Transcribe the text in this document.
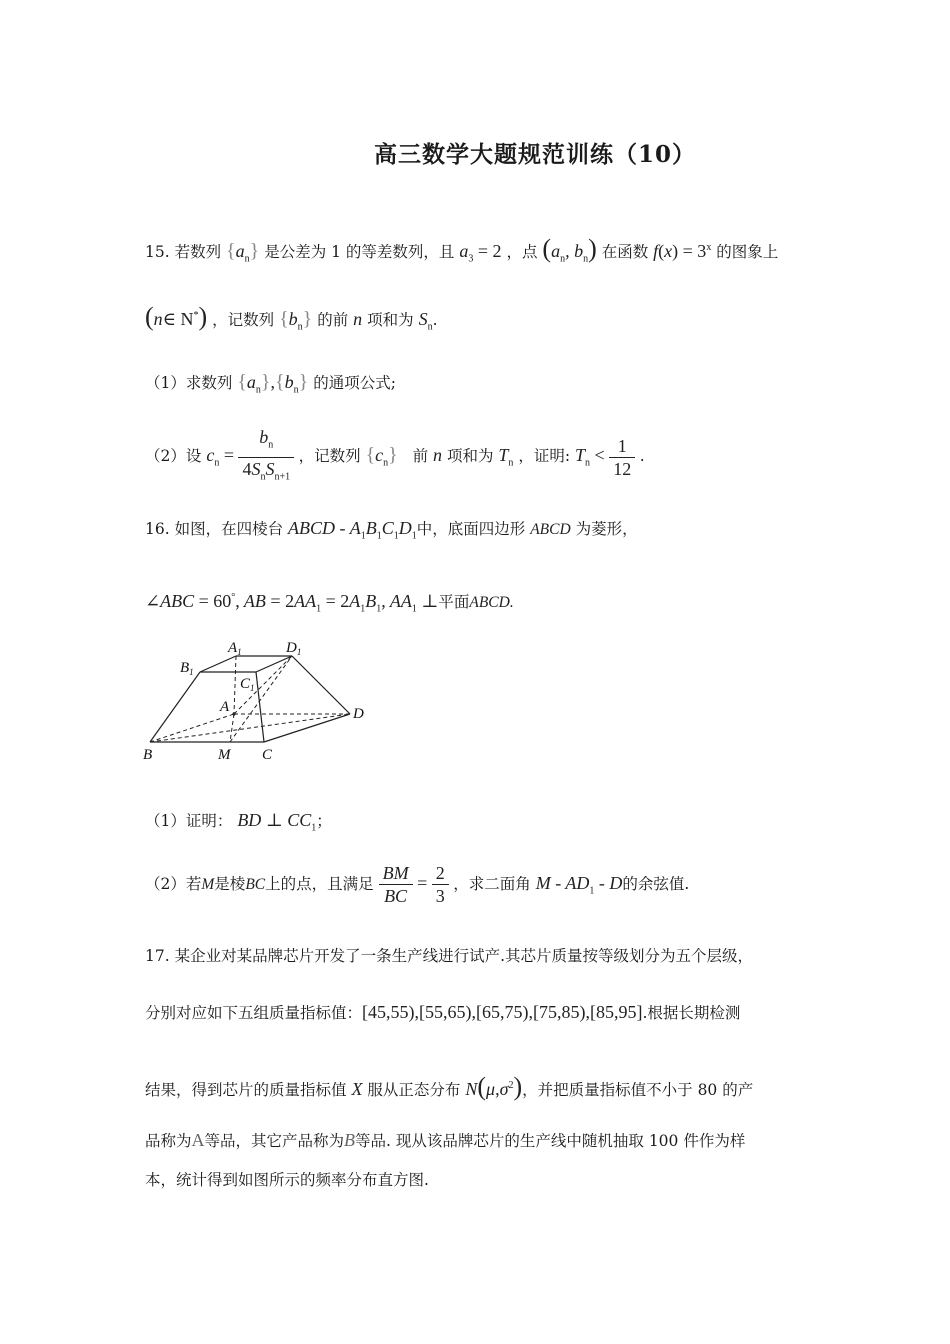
高三数学大题规范训练（10）
15. 若数列 $\{a_n\}$ 是公差为 1 的等差数列，且 $a_3 = 2$ ，点 ($a_n$, $b_n$) 在函数 $f(x) = 3^x$ 的图象上
(n∈ N*) ，记数列 $\{b_n\}$ 的前 n 项和为 $S_n$.
（1）求数列 $\{a_n\},\{b_n\}$ 的通项公式;
（2）设 $c_n = \frac{b_n}{4S_nS_{n+1}}$ ，记数列 $\{c_n\}$ 前 n 项和为 $T_n$ ，证明: $T_n < \frac{1}{12}$ .
16. 如图，在四棱台 ABCD - $A_1B_1C_1D_1$中，底面四边形 ABCD 为菱形，
∠ABC = 60°, AB = $2AA_1 = 2A_1B_1$, $AA_1$ ⊥平面ABCD.
$A_1$	$D_1$
$B_1$
$C_1$
A	D
B	M C
（1）证明： BD ⊥ $CC_1$；
（2）若M是棱BC上的点，且满足 $\frac{BM}{BC} = \frac{2}{3}$ ，求二面角 M - $AD_1$ - D的余弦值.
17. 某企业对某品牌芯片开发了一条生产线进行试产.其芯片质量按等级划分为五个层级，
分别对应如下五组质量指标值：[45,55),[55,65),[65,75),[75,85),[85,95].根据长期检测
结果，得到芯片的质量指标值 X 服从正态分布 $N(\mu,\sigma^2)$，并把质量指标值不小于 80 的产
品称为A等品，其它产品称为B等品. 现从该品牌芯片的生产线中随机抽取 100 件作为样
本，统计得到如图所示的频率分布直方图.
